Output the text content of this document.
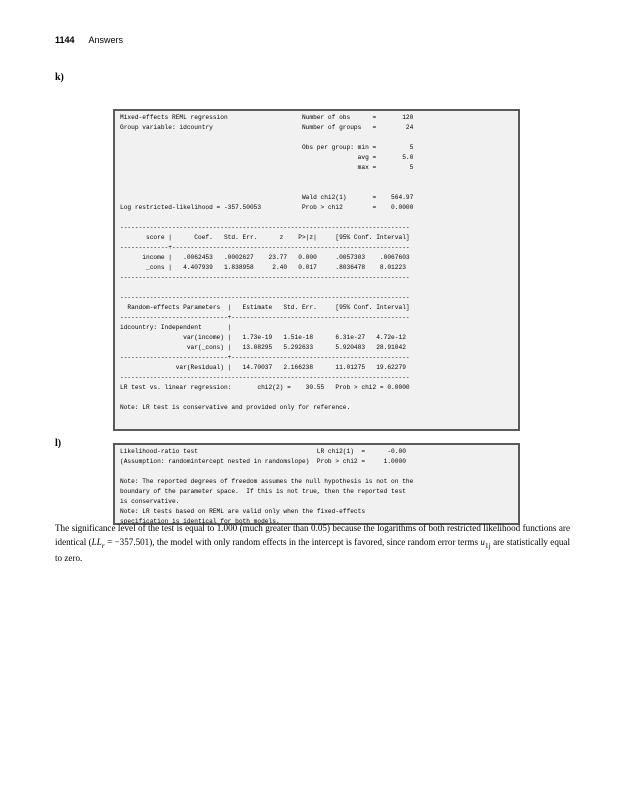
1144 Answers
k)
Mixed-effects REML regression                    Number of obs      =       120
Group variable: idcountry                        Number of groups   =        24

Obs per group: min =         5
avg =       5.0
max =         5

Wald chi2(1)       =    564.97
Log restricted-likelihood = -357.50053           Prob > chi2        =    0.0000

------------------------------------------------------------------------------
score |      Coef.   Std. Err.      z    P>|z|     [95% Conf. Interval]
-------------+----------------------------------------------------------------
income |   .0062453   .0002627    23.77   0.000     .0057303    .0067603
_cons |   4.407939   1.838958     2.40   0.017     .8036478    8.01223
------------------------------------------------------------------------------

------------------------------------------------------------------------------
Random-effects Parameters  |   Estimate   Std. Err.     [95% Conf. Interval]
-----------------------------+------------------------------------------------
idcountry: Independent       |
var(income) |   1.73e-19   1.51e-18      6.31e-27   4.72e-12
var(_cons) |   13.08295   5.292633      5.920483   28.91042
-----------------------------+------------------------------------------------
var(Residual) |   14.70037   2.166238      11.01275   19.62279
------------------------------------------------------------------------------
LR test vs. linear regression:       chi2(2) =    30.55   Prob > chi2 = 0.0000

Note: LR test is conservative and provided only for reference.
l)
Likelihood-ratio test                                LR chi2(1)  =      -0.00
(Assumption: randomintercept nested in randomslope)  Prob > chi2 =     1.0000

Note: The reported degrees of freedom assumes the null hypothesis is not on the
boundary of the parameter space.  If this is not true, then the reported test
is conservative.
Note: LR tests based on REML are valid only when the fixed-effects
specification is identical for both models.
The significance level of the test is equal to 1.000 (much greater than 0.05) because the logarithms of both restricted likelihood functions are identical $(LL_r = -357.501)$, the model with only random effects in the intercept is favored, since random error terms $u_{1j}$ are statistically equal to zero.
